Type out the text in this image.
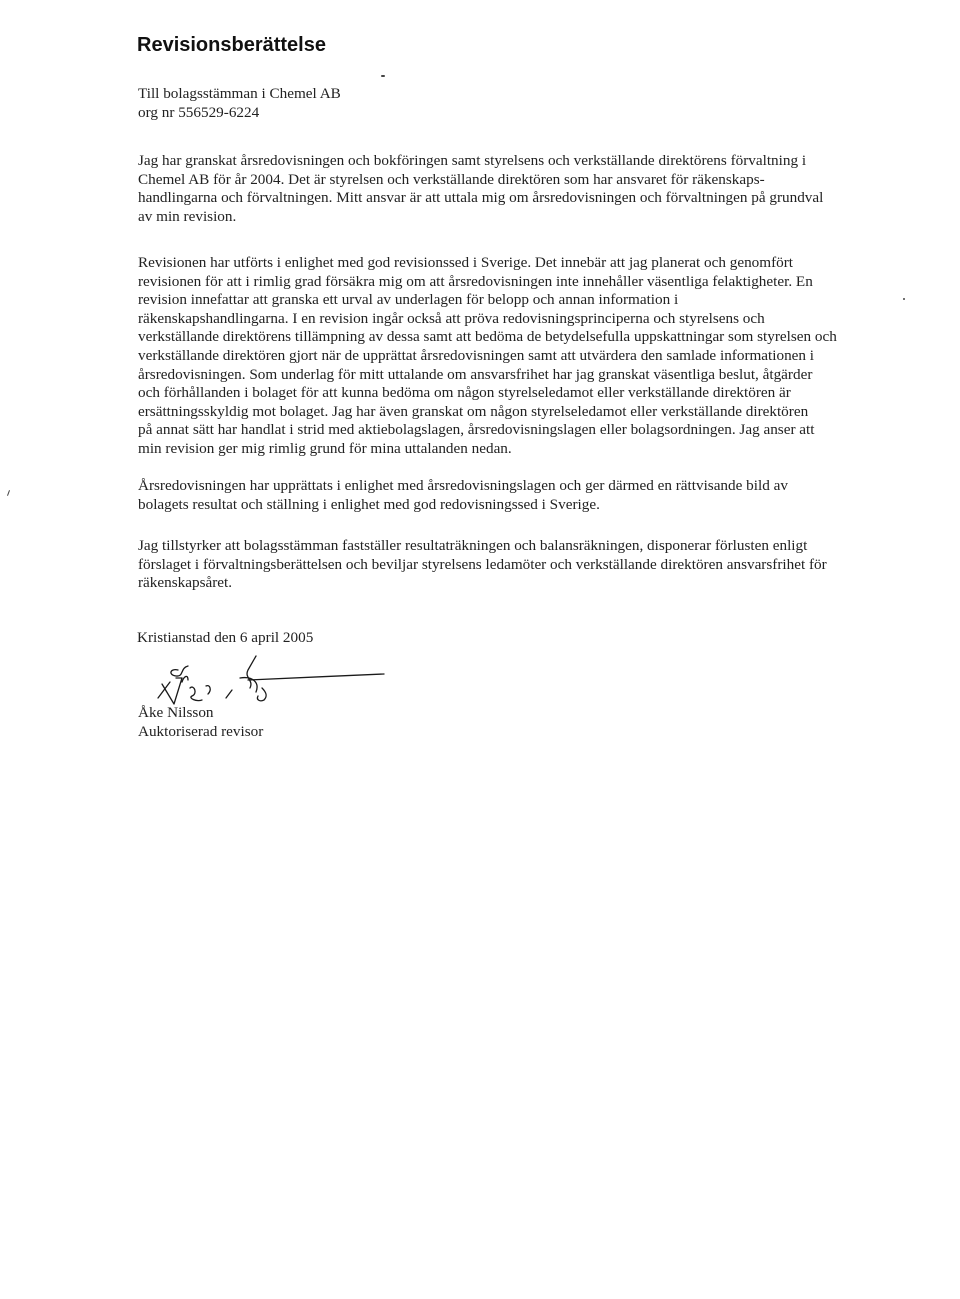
Revisionsberättelse
Till bolagsstämman i Chemel AB
org nr 556529-6224

Jag har granskat årsredovisningen och bokföringen samt styrelsens och verkställande direktörens förvaltning i
Chemel AB för år 2004. Det är styrelsen och verkställande direktören som har ansvaret för räkenskaps-
handlingarna och förvaltningen. Mitt ansvar är att uttala mig om årsredovisningen och förvaltningen på grundval
av min revision.

Revisionen har utförts i enlighet med god revisionssed i Sverige. Det innebär att jag planerat och genomfört
revisionen för att i rimlig grad försäkra mig om att årsredovisningen inte innehåller väsentliga felaktigheter. En
revision innefattar att granska ett urval av underlagen för belopp och annan information i
räkenskapshandlingarna. I en revision ingår också att pröva redovisningsprinciperna och styrelsens och
verkställande direktörens tillämpning av dessa samt att bedöma de betydelsefulla uppskattningar som styrelsen och
verkställande direktören gjort när de upprättat årsredovisningen samt att utvärdera den samlade informationen i
årsredovisningen. Som underlag för mitt uttalande om ansvarsfrihet har jag granskat väsentliga beslut, åtgärder
och förhållanden i bolaget för att kunna bedöma om någon styrelseledamot eller verkställande direktören är
ersättningsskyldig mot bolaget. Jag har även granskat om någon styrelseledamot eller verkställande direktören
på annat sätt har handlat i strid med aktiebolagslagen, årsredovisningslagen eller bolagsordningen. Jag anser att
min revision ger mig rimlig grund för mina uttalanden nedan.

Årsredovisningen har upprättats i enlighet med årsredovisningslagen och ger därmed en rättvisande bild av
bolagets resultat och ställning i enlighet med god redovisningssed i Sverige.

Jag tillstyrker att bolagsstämman fastställer resultaträkningen och balansräkningen, disponerar förlusten enligt
förslaget i förvaltningsberättelsen och beviljar styrelsens ledamöter och verkställande direktören ansvarsfrihet för
räkenskapsåret.

Kristianstad den 6 april 2005
Åke Nilsson
Auktoriserad revisor
